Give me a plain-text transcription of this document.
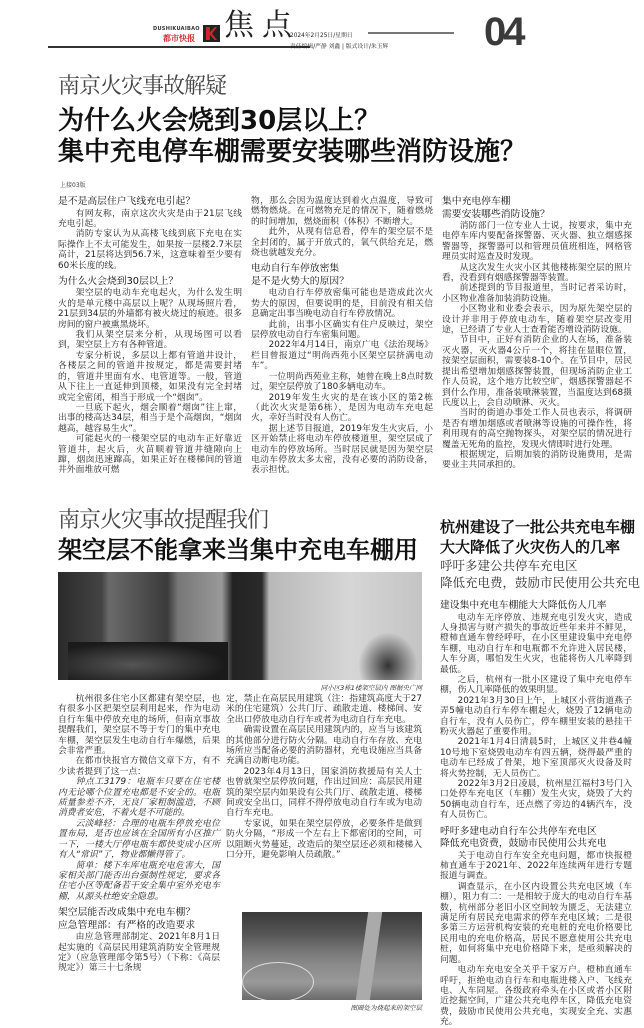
DUSHIKUAIBAO
都市快报 焦点
2024年2月25日/星期日
责任编辑/严静 刘鑫 | 版式设计/朱玉辉 04
南京火灾事故解疑
为什么火会烧到30层以上？
集中充电停车棚需要安装哪些消防设施？
上接03版
是不是高层住户飞线充电引起？

有网友称，南京这次火灾是由于21层飞线充电引起。

消防专家认为从高楼飞线到底下充电在实际操作上不太可能发生，如果按一层楼2.7米层高计，21层将达到56.7米，这意味着至少要有60米长度的线。

为什么火会烧到30层以上？

架空层的电动车充电起火，为什么发生明火的是单元楼中高层以上呢？从现场照片看，21层到34层的外墙都有被火烧过的痕迹。很多房间的窗户被熏黑烧坏。

我们从架空层来分析，从现场图可以看到，架空层上方有各种管道。

专家分析说，多层以上都有管道井设计，各楼层之间的管道井按规定，都是需要封堵的，管道井里面有水、电管道等。一般，管道从下往上一直延伸到顶楼，如果没有完全封堵或完全密闭，相当于形成一个“烟囱”。

一旦底下起火，烟会顺着“烟囱”往上窜，出事的楼高达34层，相当于是个高烟囱，“烟囱越高，越容易生火”。

可能起火的一楼架空层的电动车正好靠近管道井，起火后，火苗顺着管道井缝隙向上蹿，烟囱迅速蹿高，如果正好在楼梯间的管道井外面堆放可燃

物，那么会因为温度达到着火点温度，导致可燃物燃烧。在可燃物充足的情况下，随着燃烧的时间增加，燃烧面积（体积）不断增大。

此外，从现有信息看，停车的架空层不是全封闭的，属于开放式的，氧气供给充足，燃烧也就越发充分。

电动自行车停放密集
是不是火势大的原因？

电动自行车停放密集可能也是造成此次火势大的原因，但要说明的是，目前没有相关信息确定出事当晚电动自行车停放情况。

此前，出事小区确实有住户反映过，架空层停放电动自行车密集问题。

2022年4月14日，南京广电《法治现场》栏目曾报道过“明尚西苑小区架空层挤满电动车”。

一位明尚西苑业主称，她曾在晚上8点时数过，架空层停放了180多辆电动车。

2019年发生火灾的是在该小区的第2栋（此次火灾是第6栋），是因为电动车充电起火，幸好当时没有人伤亡。

据上述节目报道，2019年发生火灾后，小区开始禁止将电动车停放楼道里，架空层成了电动车的停放场所。当时居民就是因为架空层电动车停放太多太密，没有必要的消防设备，表示担忧。

集中充电停车棚
需要安装哪些消防设施？

消防部门一位专业人士说，按要求，集中充电停车库内要配备探警器、灭火器、独立烟感探警器等，探警器可以和管理员值班相连，网格管理员实时巡查及时发现。

从这次发生火灾小区其他楼栋架空层的照片看，没看到有烟感探警器等装置。

前述提到的节目报道里，当时记者采访时，小区物业准备加装消防设施。

小区物业和业委会表示，因为原先架空层的设计并非用于停放电动车，随着架空层改变用途，已经请了专业人士查看能否增设消防设施。

节目中，正好有消防企业的人在场，准备装灭火器，灭火器4公斤一个，将挂在显眼位置，按架空层面积，需要装8-10个。在节目中，居民提出希望增加烟感探警装置，但现场消防企业工作人员说，这个地方比较空旷，烟感探警器起不到什么作用，准备装喷淋装置，当温度达到68摄氏度以上，会自动喷淋、灭火。

当时的街道办事处工作人员也表示，将调研是否有增加烟感或者喷淋等设施的可操作性，将利用现有的高空抛物探头，对架空层的情况进行覆盖无死角的监控，发现火情即时进行处理。

根据规定，后期加装的消防设施费用，是需要业主共同承担的。

南京火灾事故提醒我们
架空层不能拿来当集中充电车棚用
同小区3栋1楼架空层内 图据央广网

杭州很多住宅小区都建有架空层，也有很多小区把架空层利用起来，作为电动自行车集中停放充电的场所，但南京事故提醒我们，架空层不等于专门的集中充电车棚，架空层发生电动自行车爆燃，后果会非常严重。

在都市快报官方微信文章下方，有不少读者提到了这一点：

钟点工3179：电瓶车只要在住宅楼内无论哪个位置充电都是不安全的。电瓶质量参差不齐，无良厂家粗制滥造，不顾消费者安危，不着火是不可能的。

云淡峰轻：合理的电瓶车停放充电位置布局，是否也应该在全国所有小区推广一下，一楼大厅停电瓶车都快变成小区所有人“常识”了，物业都懒得管了。

简单：楼下车库电瓶充电危害大，国家相关部门能否出台强制性规定，要求各住宅小区等配备若干安全集中室外充电车棚，从源头杜绝安全隐患。

架空层能否改成集中充电车棚？
应急管理部：有严格的改造要求

由应急管理部制定、2021年8月1日起实施的《高层民用建筑消防安全管理规定》（应急管理部令第5号）（下称：《高层规定》）第三十七条规

定，禁止在高层民用建筑（注：指建筑高度大于27米的住宅建筑）公共门厅、疏散走道、楼梯间、安全出口停放电动自行车或者为电动自行车充电。

确需设置在高层民用建筑内的，应当与该建筑的其他部分进行防火分隔。电动自行车存放、充电场所应当配备必要的消防器材，充电设施应当具备充满自动断电功能。

2023年4月13日，国家消防救援局有关人士也曾就架空层停放问题，作出过回应：高层民用建筑的架空层内如果设有公共门厅、疏散走道、楼梯间或安全出口，同样不得停放电动自行车或为电动自行车充电。

专家说，如果在架空层停放，必要条件是做到防火分隔，“形成一个左右上下都密闭的空间，可以阻断火势蔓延，改造后的架空层还必须和楼梯入口分开，避免影响人员疏散。”

图圈处为烧起来的架空层
杭州建设了一批公共充电车棚
大大降低了火灾伤人的几率
呼吁多建公共停车充电区
降低充电费，鼓励市民使用公共充电
建设集中充电车棚能大大降低伤人几率

电动车无序停放、违规充电引发火灾，造成人身损害与财产损失的事故近些年来并不鲜见，橙柿直通车曾经呼吁，在小区里建设集中充电停车棚，电动自行车和电瓶都不允许进入居民楼，人车分离，哪怕发生火灾，也能将伤人几率降到最低。

之后，杭州有一批小区建设了集中充电停车棚，伤人几率降低的效果明显。

2021年3月30日上午，上城区小营街道燕子弄5幢电动自行车停车棚起火，烧毁了12辆电动自行车，没有人员伤亡，停车棚里安装的悬挂干粉灭火器起了重要作用。

2021年1月4日清晨5时，上城区义井巷4幢10号地下室烧毁电动车有四五辆，烧得最严重的电动车已经成了骨架，地下室顶部灭火设备及时将火势控制，无人员伤亡。

2022年3月2日凌晨，杭州星江福村3号门入口处停车充电区（车棚）发生火灾，烧毁了大约50辆电动自行车，还点燃了旁边的4辆汽车，没有人员伤亡。

呼吁多建电动自行车公共停车充电区
降低充电资费，鼓励市民使用公共充电

关于电动自行车安全充电问题，都市快报橙柿直通车于2021年、2022年连续两年进行专题报道与调查。

调查显示，在小区内设置公共充电区域（车棚），阻力有二：一是相较于庞大的电动自行车基数，杭州部分老旧小区空间较为匮乏，无法建立满足所有居民充电需求的停车充电区域；二是很多第三方运营机构安装的充电桩的充电价格要比民用电的充电价格高，居民不愿意使用公共充电桩，如何将集中充电价格降下来，是亟须解决的问题。

电动车充电安全关乎千家万户。橙柿直通车呼吁，拒绝电动自行车和电瓶进楼入户、飞线充电、人车同屋。各级政府牵头在小区或者小区附近挖掘空间，广建公共充电停车区，降低充电资费，鼓励市民使用公共充电，实现安全充、实惠充。
